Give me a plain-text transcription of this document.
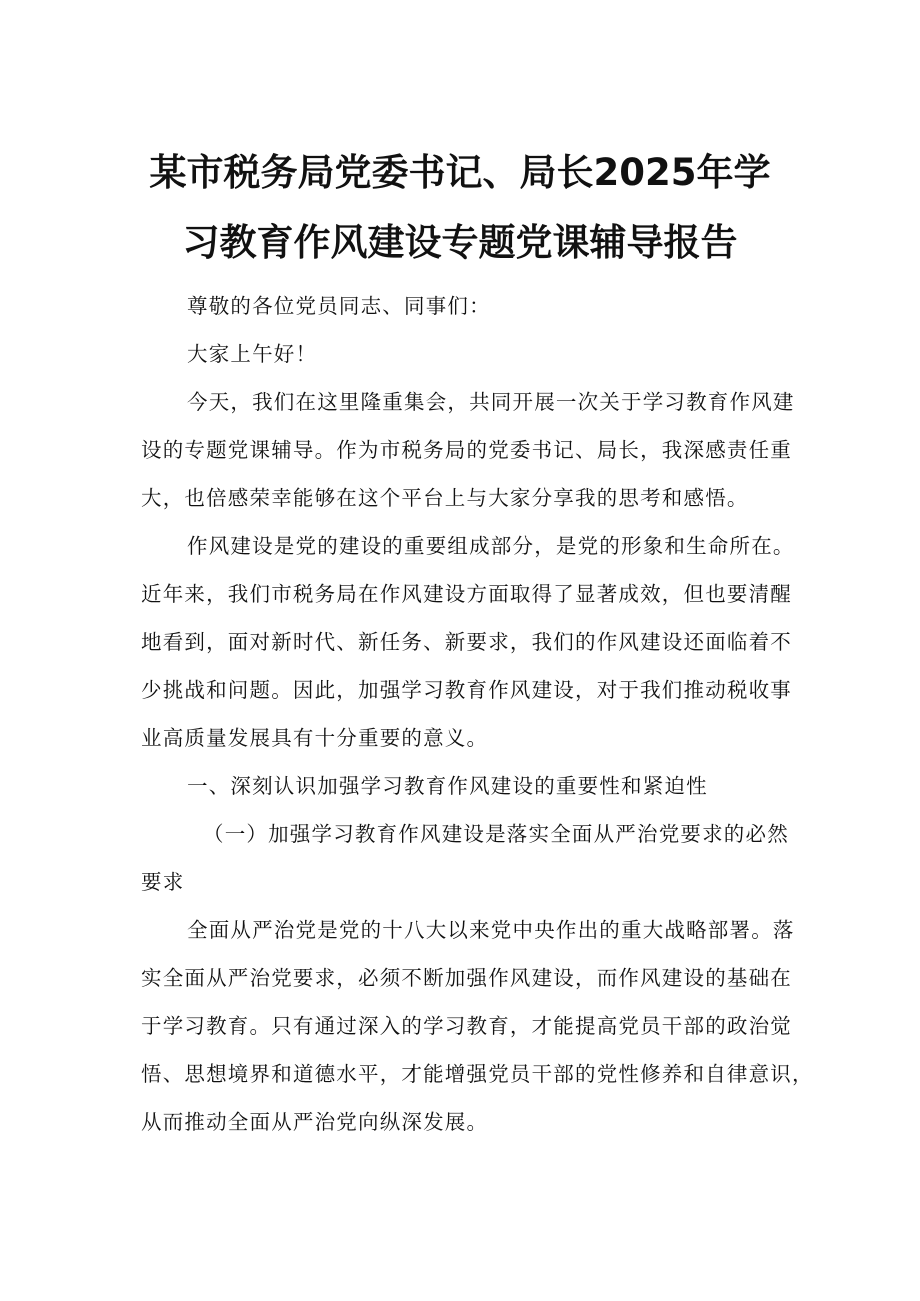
某市税务局党委书记、局长2025年学
习教育作风建设专题党课辅导报告
尊敬的各位党员同志、同事们：
大家上午好！
今天，我们在这里隆重集会，共同开展一次关于学习教育作风建
设的专题党课辅导。作为市税务局的党委书记、局长，我深感责任重
大，也倍感荣幸能够在这个平台上与大家分享我的思考和感悟。
作风建设是党的建设的重要组成部分，是党的形象和生命所在。
近年来，我们市税务局在作风建设方面取得了显著成效，但也要清醒
地看到，面对新时代、新任务、新要求，我们的作风建设还面临着不
少挑战和问题。因此，加强学习教育作风建设，对于我们推动税收事
业高质量发展具有十分重要的意义。
一、深刻认识加强学习教育作风建设的重要性和紧迫性
（一）加强学习教育作风建设是落实全面从严治党要求的必然
要求
全面从严治党是党的十八大以来党中央作出的重大战略部署。落
实全面从严治党要求，必须不断加强作风建设，而作风建设的基础在
于学习教育。只有通过深入的学习教育，才能提高党员干部的政治觉
悟、思想境界和道德水平，才能增强党员干部的党性修养和自律意识，
从而推动全面从严治党向纵深发展。
